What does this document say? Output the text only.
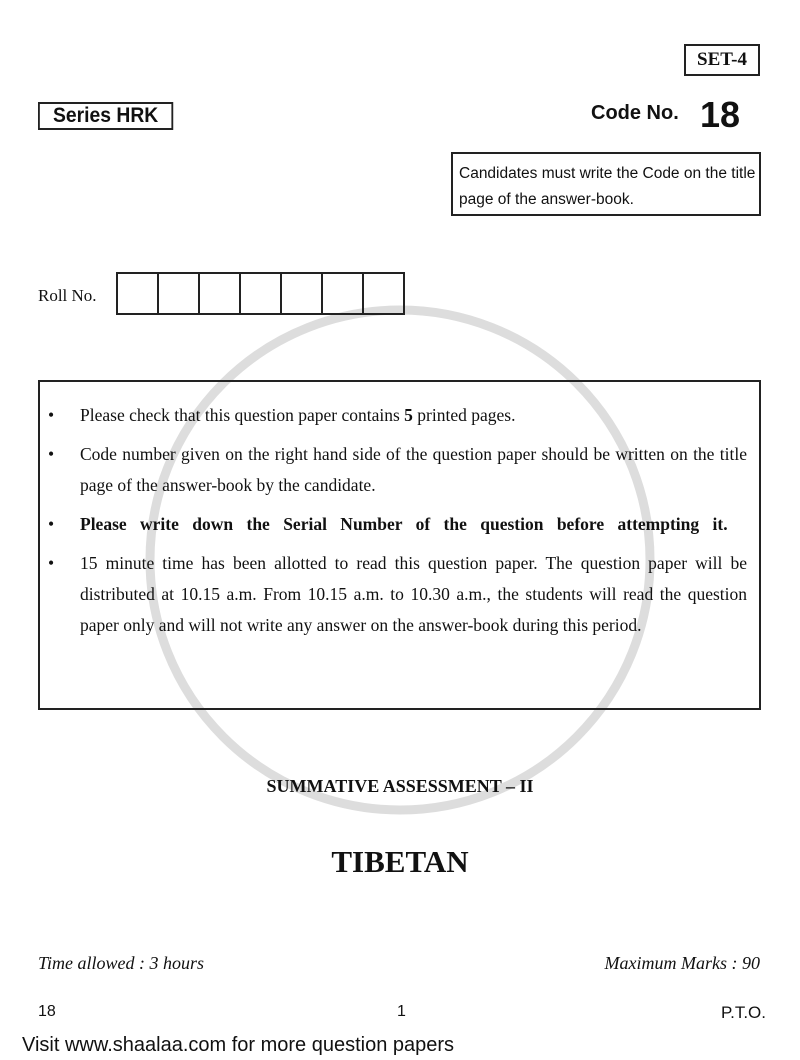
SET-4
Series HRK	Code No. 18
Candidates must write the Code on the title page of the answer-book.
Roll No.
• Please check that this question paper contains 5 printed pages.
• Code number given on the right hand side of the question paper should be written on the title page of the answer-book by the candidate.
• Please write down the Serial Number of the question before attempting it.
• 15 minute time has been allotted to read this question paper. The question paper will be distributed at 10.15 a.m. From 10.15 a.m. to 10.30 a.m., the students will read the question paper only and will not write any answer on the answer-book during this period.
SUMMATIVE ASSESSMENT – II
TIBETAN
Time allowed : 3 hours	Maximum Marks : 90
18	1	P.T.O.
Visit www.shaalaa.com for more question papers
